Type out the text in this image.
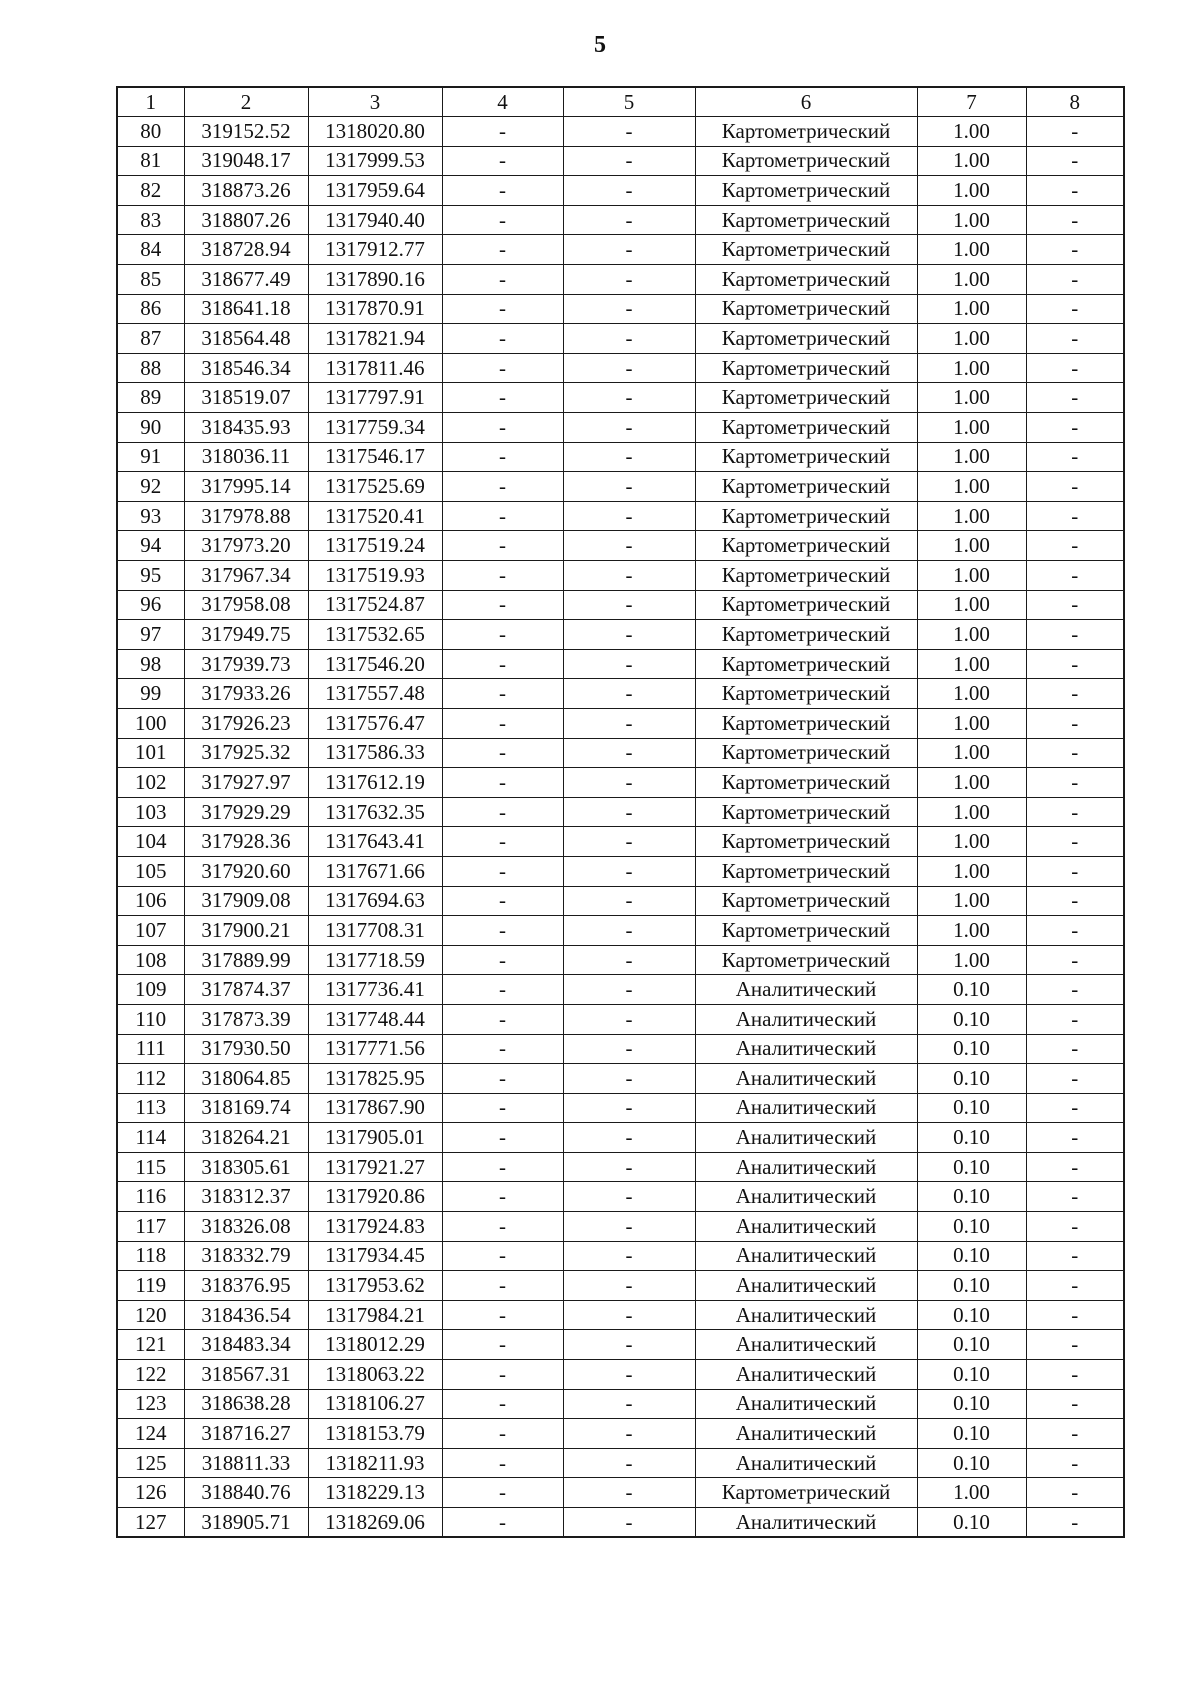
5
1	2	3	4	5	6	7	8
80	319152.52	1318020.80	-	-	Картометрический	1.00	-
81	319048.17	1317999.53	-	-	Картометрический	1.00	-
82	318873.26	1317959.64	-	-	Картометрический	1.00	-
83	318807.26	1317940.40	-	-	Картометрический	1.00	-
84	318728.94	1317912.77	-	-	Картометрический	1.00	-
85	318677.49	1317890.16	-	-	Картометрический	1.00	-
86	318641.18	1317870.91	-	-	Картометрический	1.00	-
87	318564.48	1317821.94	-	-	Картометрический	1.00	-
88	318546.34	1317811.46	-	-	Картометрический	1.00	-
89	318519.07	1317797.91	-	-	Картометрический	1.00	-
90	318435.93	1317759.34	-	-	Картометрический	1.00	-
91	318036.11	1317546.17	-	-	Картометрический	1.00	-
92	317995.14	1317525.69	-	-	Картометрический	1.00	-
93	317978.88	1317520.41	-	-	Картометрический	1.00	-
94	317973.20	1317519.24	-	-	Картометрический	1.00	-
95	317967.34	1317519.93	-	-	Картометрический	1.00	-
96	317958.08	1317524.87	-	-	Картометрический	1.00	-
97	317949.75	1317532.65	-	-	Картометрический	1.00	-
98	317939.73	1317546.20	-	-	Картометрический	1.00	-
99	317933.26	1317557.48	-	-	Картометрический	1.00	-
100	317926.23	1317576.47	-	-	Картометрический	1.00	-
101	317925.32	1317586.33	-	-	Картометрический	1.00	-
102	317927.97	1317612.19	-	-	Картометрический	1.00	-
103	317929.29	1317632.35	-	-	Картометрический	1.00	-
104	317928.36	1317643.41	-	-	Картометрический	1.00	-
105	317920.60	1317671.66	-	-	Картометрический	1.00	-
106	317909.08	1317694.63	-	-	Картометрический	1.00	-
107	317900.21	1317708.31	-	-	Картометрический	1.00	-
108	317889.99	1317718.59	-	-	Картометрический	1.00	-
109	317874.37	1317736.41	-	-	Аналитический	0.10	-
110	317873.39	1317748.44	-	-	Аналитический	0.10	-
111	317930.50	1317771.56	-	-	Аналитический	0.10	-
112	318064.85	1317825.95	-	-	Аналитический	0.10	-
113	318169.74	1317867.90	-	-	Аналитический	0.10	-
114	318264.21	1317905.01	-	-	Аналитический	0.10	-
115	318305.61	1317921.27	-	-	Аналитический	0.10	-
116	318312.37	1317920.86	-	-	Аналитический	0.10	-
117	318326.08	1317924.83	-	-	Аналитический	0.10	-
118	318332.79	1317934.45	-	-	Аналитический	0.10	-
119	318376.95	1317953.62	-	-	Аналитический	0.10	-
120	318436.54	1317984.21	-	-	Аналитический	0.10	-
121	318483.34	1318012.29	-	-	Аналитический	0.10	-
122	318567.31	1318063.22	-	-	Аналитический	0.10	-
123	318638.28	1318106.27	-	-	Аналитический	0.10	-
124	318716.27	1318153.79	-	-	Аналитический	0.10	-
125	318811.33	1318211.93	-	-	Аналитический	0.10	-
126	318840.76	1318229.13	-	-	Картометрический	1.00	-
127	318905.71	1318269.06	-	-	Аналитический	0.10	-
